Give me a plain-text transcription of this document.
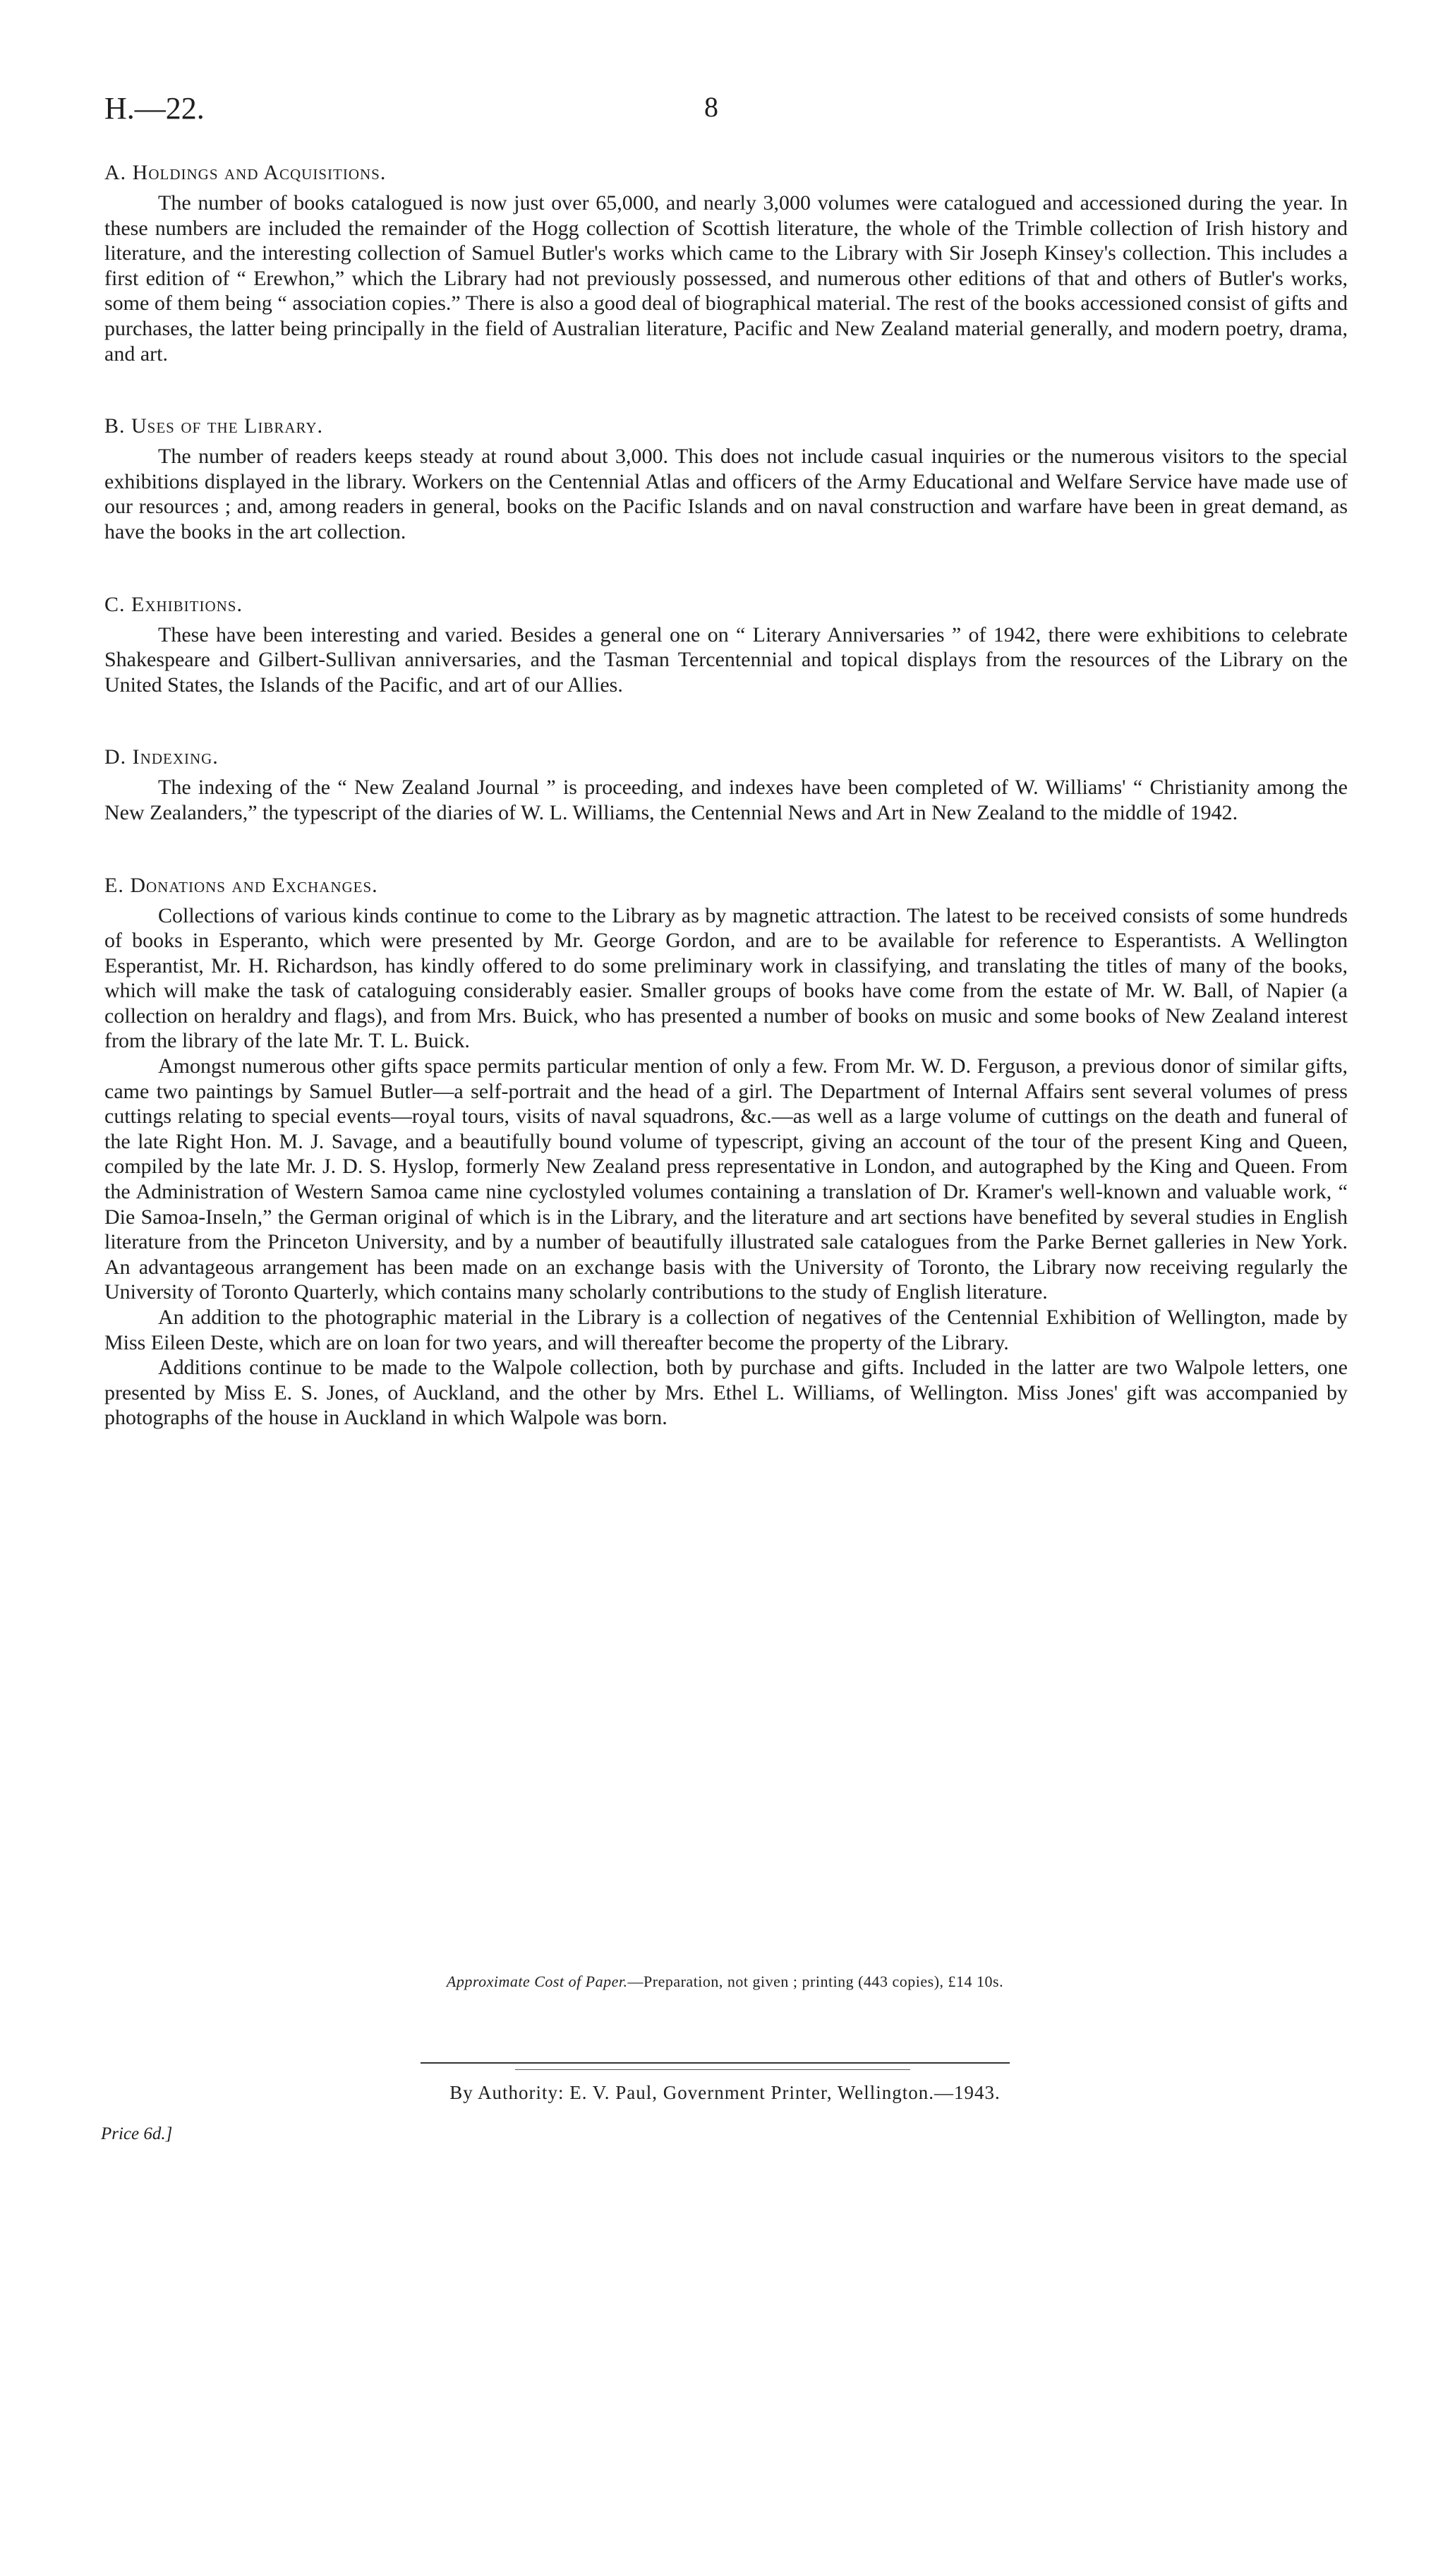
H.—22.	8
A. Holdings and Acquisitions.

The number of books catalogued is now just over 65,000, and nearly 3,000 volumes were catalogued and accessioned during the year. In these numbers are included the remainder of the Hogg collection of Scottish literature, the whole of the Trimble collection of Irish history and literature, and the interesting collection of Samuel Butler's works which came to the Library with Sir Joseph Kinsey's collection. This includes a first edition of “ Erewhon,” which the Library had not previously possessed, and numerous other editions of that and others of Butler's works, some of them being “ association copies.” There is also a good deal of biographical material. The rest of the books accessioned consist of gifts and purchases, the latter being principally in the field of Australian literature, Pacific and New Zealand material generally, and modern poetry, drama, and art.

B. Uses of the Library.

The number of readers keeps steady at round about 3,000. This does not include casual inquiries or the numerous visitors to the special exhibitions displayed in the library. Workers on the Centennial Atlas and officers of the Army Educational and Welfare Service have made use of our resources ; and, among readers in general, books on the Pacific Islands and on naval construction and warfare have been in great demand, as have the books in the art collection.

C. Exhibitions.

These have been interesting and varied. Besides a general one on “ Literary Anniversaries ” of 1942, there were exhibitions to celebrate Shakespeare and Gilbert-Sullivan anniversaries, and the Tasman Tercentennial and topical displays from the resources of the Library on the United States, the Islands of the Pacific, and art of our Allies.

D. Indexing.

The indexing of the “ New Zealand Journal ” is proceeding, and indexes have been completed of W. Williams' “ Christianity among the New Zealanders,” the typescript of the diaries of W. L. Williams, the Centennial News and Art in New Zealand to the middle of 1942.

E. Donations and Exchanges.

Collections of various kinds continue to come to the Library as by magnetic attraction. The latest to be received consists of some hundreds of books in Esperanto, which were presented by Mr. George Gordon, and are to be available for reference to Esperantists. A Wellington Esperantist, Mr. H. Richardson, has kindly offered to do some preliminary work in classifying, and translating the titles of many of the books, which will make the task of cataloguing considerably easier. Smaller groups of books have come from the estate of Mr. W. Ball, of Napier (a collection on heraldry and flags), and from Mrs. Buick, who has presented a number of books on music and some books of New Zealand interest from the library of the late Mr. T. L. Buick.

Amongst numerous other gifts space permits particular mention of only a few. From Mr. W. D. Ferguson, a previous donor of similar gifts, came two paintings by Samuel Butler—a self-portrait and the head of a girl. The Department of Internal Affairs sent several volumes of press cuttings relating to special events—royal tours, visits of naval squadrons, &c.—as well as a large volume of cuttings on the death and funeral of the late Right Hon. M. J. Savage, and a beautifully bound volume of typescript, giving an account of the tour of the present King and Queen, compiled by the late Mr. J. D. S. Hyslop, formerly New Zealand press representative in London, and autographed by the King and Queen. From the Administration of Western Samoa came nine cyclostyled volumes containing a translation of Dr. Kramer's well-known and valuable work, “ Die Samoa-Inseln,” the German original of which is in the Library, and the literature and art sections have benefited by several studies in English literature from the Princeton University, and by a number of beautifully illustrated sale catalogues from the Parke Bernet galleries in New York. An advantageous arrangement has been made on an exchange basis with the University of Toronto, the Library now receiving regularly the University of Toronto Quarterly, which contains many scholarly contributions to the study of English literature.

An addition to the photographic material in the Library is a collection of negatives of the Centennial Exhibition of Wellington, made by Miss Eileen Deste, which are on loan for two years, and will thereafter become the property of the Library.

Additions continue to be made to the Walpole collection, both by purchase and gifts. Included in the latter are two Walpole letters, one presented by Miss E. S. Jones, of Auckland, and the other by Mrs. Ethel L. Williams, of Wellington. Miss Jones' gift was accompanied by photographs of the house in Auckland in which Walpole was born.

Approximate Cost of Paper.—Preparation, not given ; printing (443 copies), £14 10s.
By Authority: E. V. Paul, Government Printer, Wellington.—1943.
Price 6d.]
